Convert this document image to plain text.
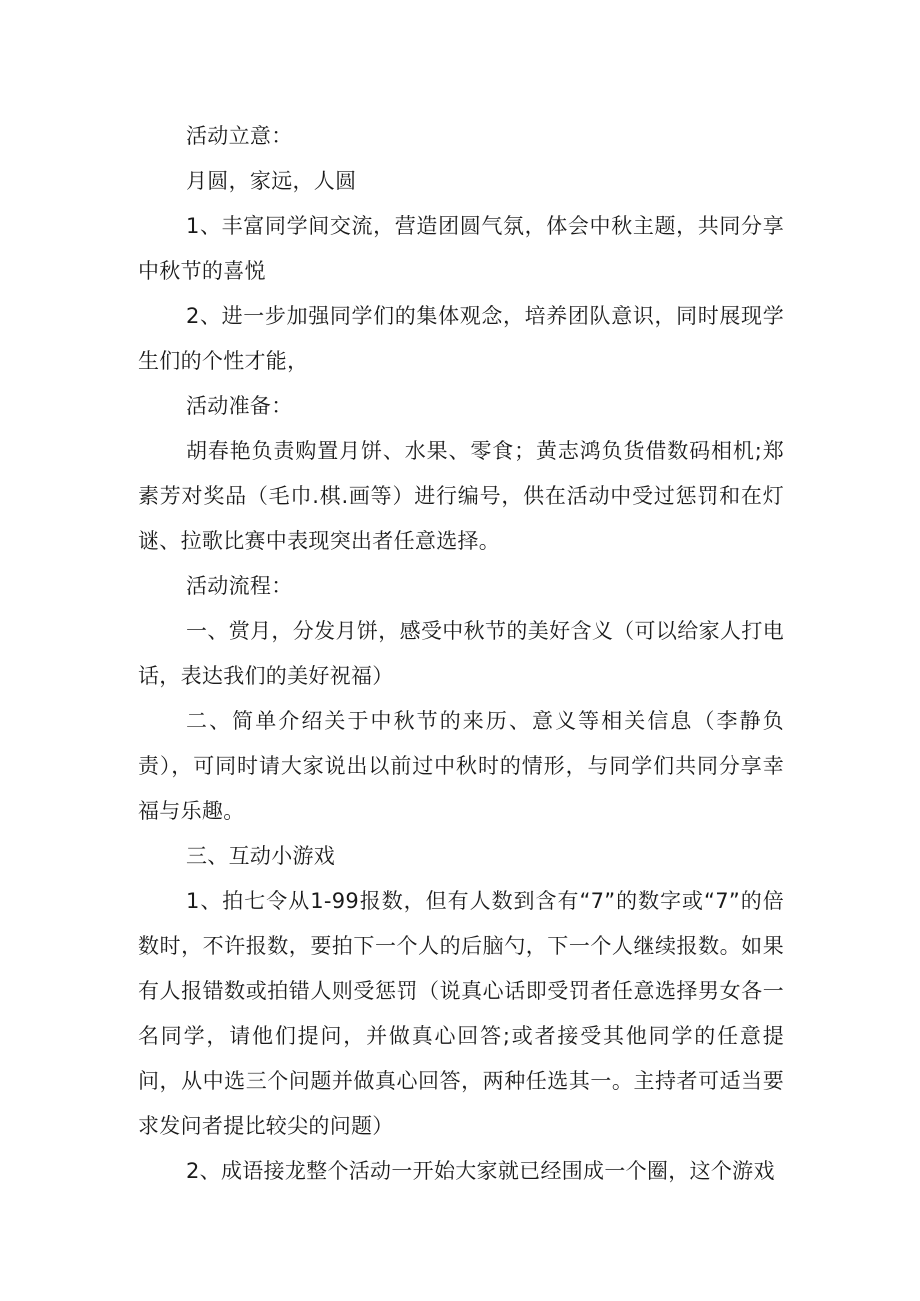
活动立意：

月圆，家远，人圆

1、丰富同学间交流，营造团圆气氛，体会中秋主题，共同分享中秋节的喜悦

2、进一步加强同学们的集体观念，培养团队意识，同时展现学生们的个性才能，

活动准备：

胡春艳负责购置月饼、水果、零食；黄志鸿负货借数码相机;郑素芳对奖品（毛巾.棋.画等）进行编号，供在活动中受过惩罚和在灯谜、拉歌比赛中表现突出者任意选择。

活动流程：

一、赏月，分发月饼，感受中秋节的美好含义（可以给家人打电话，表达我们的美好祝福）

二、简单介绍关于中秋节的来历、意义等相关信息（李静负责），可同时请大家说出以前过中秋时的情形，与同学们共同分享幸福与乐趣。

三、互动小游戏

1、拍七令从1-99报数，但有人数到含有“7”的数字或“7”的倍数时，不许报数，要拍下一个人的后脑勺，下一个人继续报数。如果有人报错数或拍错人则受惩罚（说真心话即受罚者任意选择男女各一名同学，请他们提问，并做真心回答;或者接受其他同学的任意提问，从中选三个问题并做真心回答，两种任选其一。主持者可适当要求发问者提比较尖的问题）

2、成语接龙整个活动一开始大家就已经围成一个圈，这个游戏
